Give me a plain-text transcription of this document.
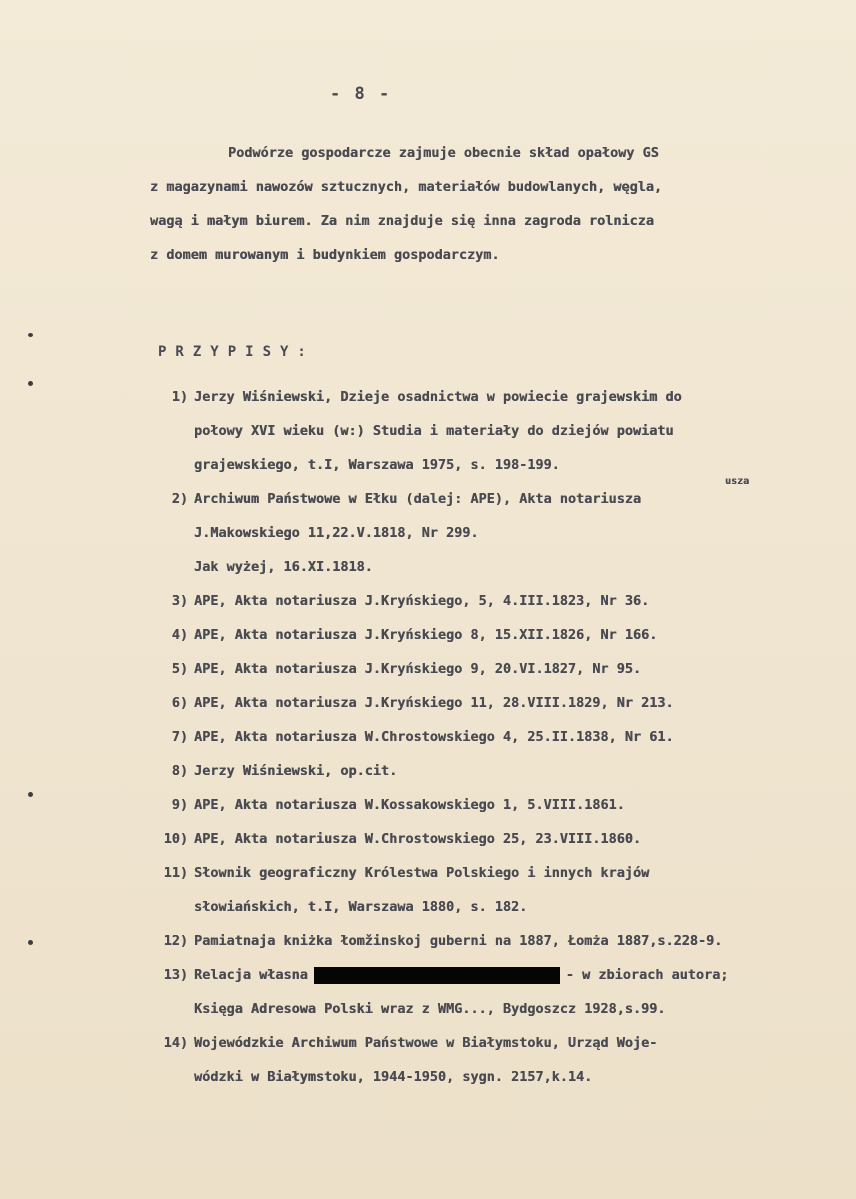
- 8 -

Podwórze gospodarcze zajmuje obecnie skład opałowy GS

z magazynami nawozów sztucznych, materiałów budowlanych, węgla,

wagą i małym biurem. Za nim znajduje się inna zagroda rolnicza

z domem murowanym i budynkiem gospodarczym.

PRZYPISY:
1) Jerzy Wiśniewski, Dzieje osadnictwa w powiecie grajewskim do
połowy XVI wieku (w:) Studia i materiały do dziejów powiatu
grajewskiego, t.I, Warszawa 1975, s. 198-199.
usza
2) Archiwum Państwowe w Ełku (dalej: APE), Akta notariusza
J.Makowskiego 11,22.V.1818, Nr 299.
Jak wyżej, 16.XI.1818.
3) APE, Akta notariusza J.Kryńskiego, 5, 4.III.1823, Nr 36.
4) APE, Akta notariusza J.Kryńskiego 8, 15.XII.1826, Nr 166.
5) APE, Akta notariusza J.Kryńskiego 9, 20.VI.1827, Nr 95.
6) APE, Akta notariusza J.Kryńskiego 11, 28.VIII.1829, Nr 213.
7) APE, Akta notariusza W.Chrostowskiego 4, 25.II.1838, Nr 61.
8) Jerzy Wiśniewski, op.cit.
9) APE, Akta notariusza W.Kossakowskiego 1, 5.VIII.1861.
10) APE, Akta notariusza W.Chrostowskiego 25, 23.VIII.1860.
11) Słownik geograficzny Królestwa Polskiego i innych krajów
słowiańskich, t.I, Warszawa 1880, s. 182.
12) Pamiatnaja kniżka łomžinskoj guberni na 1887, Łomża 1887,s.228-9.
13) Relacja własna	- w zbiorach autora;
Księga Adresowa Polski wraz z WMG..., Bydgoszcz 1928,s.99.
14) Wojewódzkie Archiwum Państwowe w Białymstoku, Urząd Woje-
wódzki w Białymstoku, 1944-1950, sygn. 2157,k.14.
